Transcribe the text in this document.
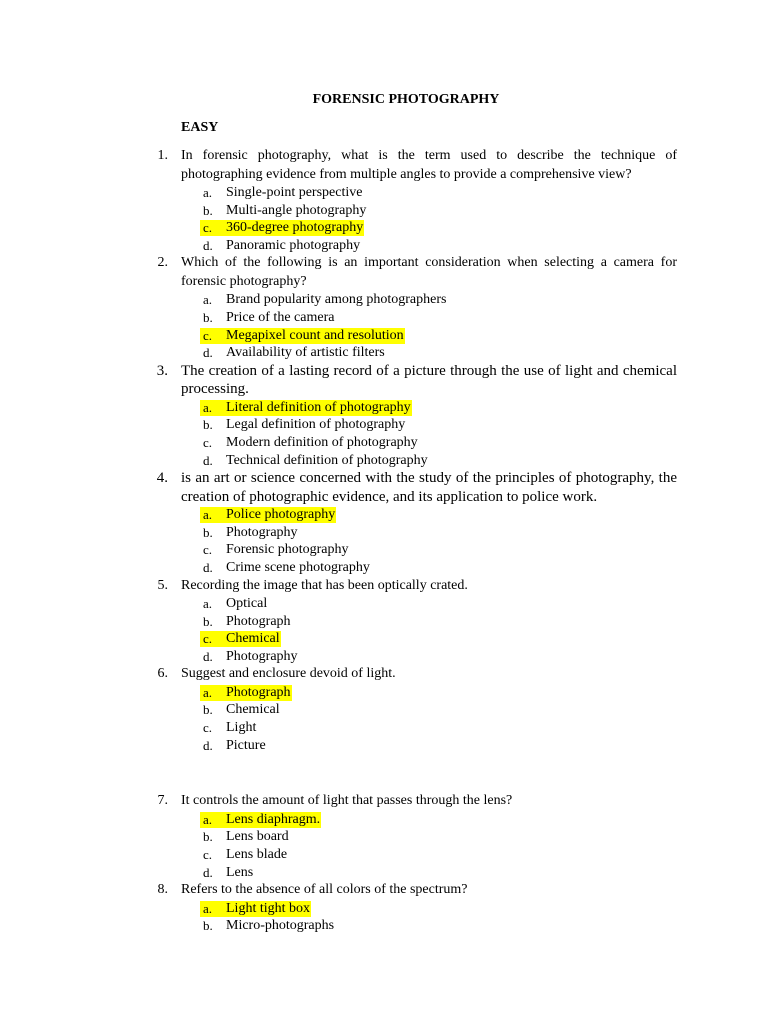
FORENSIC PHOTOGRAPHY
EASY
1. In forensic photography, what is the term used to describe the technique of photographing evidence from multiple angles to provide a comprehensive view?
a. Single-point perspective
b. Multi-angle photography
c. 360-degree photography
d. Panoramic photography
2. Which of the following is an important consideration when selecting a camera for forensic photography?
a. Brand popularity among photographers
b. Price of the camera
c. Megapixel count and resolution
d. Availability of artistic filters
3. The creation of a lasting record of a picture through the use of light and chemical processing.
a. Literal definition of photography
b. Legal definition of photography
c. Modern definition of photography
d. Technical definition of photography
4. is an art or science concerned with the study of the principles of photography, the creation of photographic evidence, and its application to police work.
a. Police photography
b. Photography
c. Forensic photography
d. Crime scene photography
5. Recording the image that has been optically crated.
a. Optical
b. Photograph
c. Chemical
d. Photography
6. Suggest and enclosure devoid of light.
a. Photograph
b. Chemical
c. Light
d. Picture
7. It controls the amount of light that passes through the lens?
a. Lens diaphragm.
b. Lens board
c. Lens blade
d. Lens
8. Refers to the absence of all colors of the spectrum?
a. Light tight box
b. Micro-photographs
